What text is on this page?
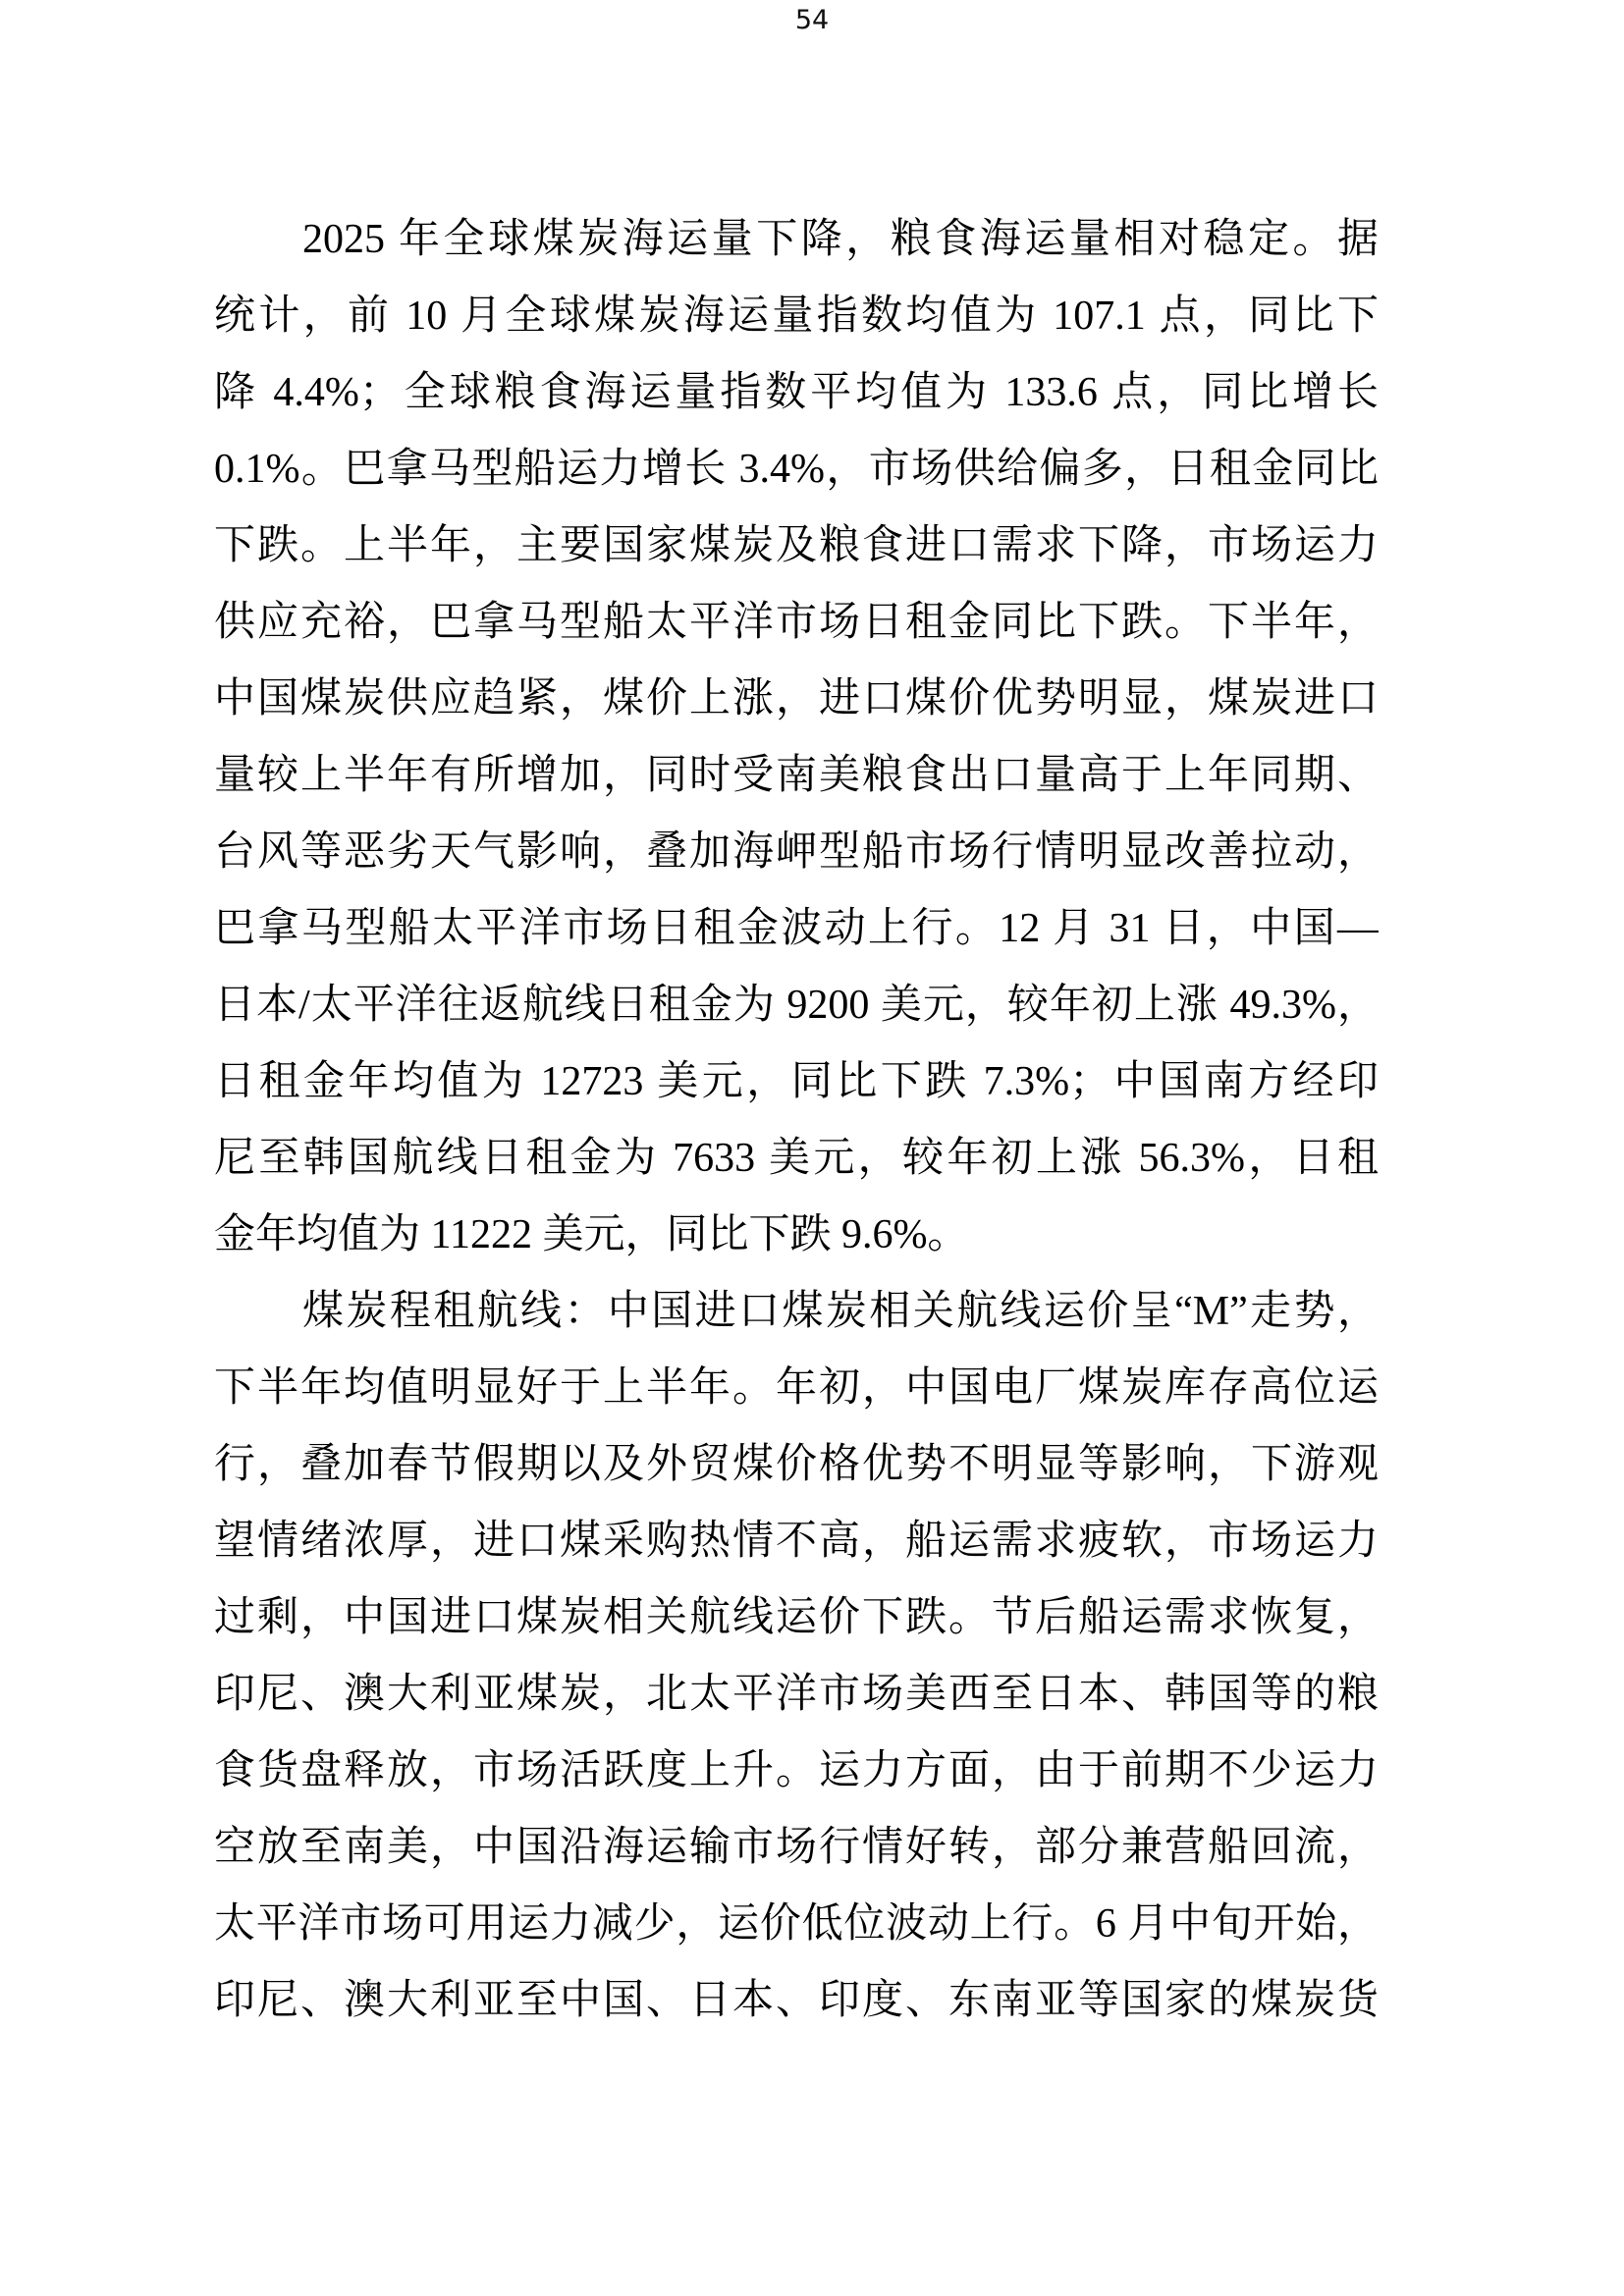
54
2025 年全球煤炭海运量下降，粮食海运量相对稳定。据
统计，前 10 月全球煤炭海运量指数均值为 107.1 点，同比下
降 4.4%；全球粮食海运量指数平均值为 133.6 点，同比增长
0.1%。巴拿马型船运力增长 3.4%，市场供给偏多，日租金同比
下跌。上半年，主要国家煤炭及粮食进口需求下降，市场运力
供应充裕，巴拿马型船太平洋市场日租金同比下跌。下半年，
中国煤炭供应趋紧，煤价上涨，进口煤价优势明显，煤炭进口
量较上半年有所增加，同时受南美粮食出口量高于上年同期、
台风等恶劣天气影响，叠加海岬型船市场行情明显改善拉动，
巴拿马型船太平洋市场日租金波动上行。12 月 31 日，中国—
日本/太平洋往返航线日租金为 9200 美元，较年初上涨 49.3%，
日租金年均值为 12723 美元，同比下跌 7.3%；中国南方经印
尼至韩国航线日租金为 7633 美元，较年初上涨 56.3%，日租
金年均值为 11222 美元，同比下跌 9.6%。
煤炭程租航线：中国进口煤炭相关航线运价呈“M”走势，
下半年均值明显好于上半年。年初，中国电厂煤炭库存高位运
行，叠加春节假期以及外贸煤价格优势不明显等影响，下游观
望情绪浓厚，进口煤采购热情不高，船运需求疲软，市场运力
过剩，中国进口煤炭相关航线运价下跌。节后船运需求恢复，
印尼、澳大利亚煤炭，北太平洋市场美西至日本、韩国等的粮
食货盘释放，市场活跃度上升。运力方面，由于前期不少运力
空放至南美，中国沿海运输市场行情好转，部分兼营船回流，
太平洋市场可用运力减少，运价低位波动上行。6 月中旬开始，
印尼、澳大利亚至中国、日本、印度、东南亚等国家的煤炭货
